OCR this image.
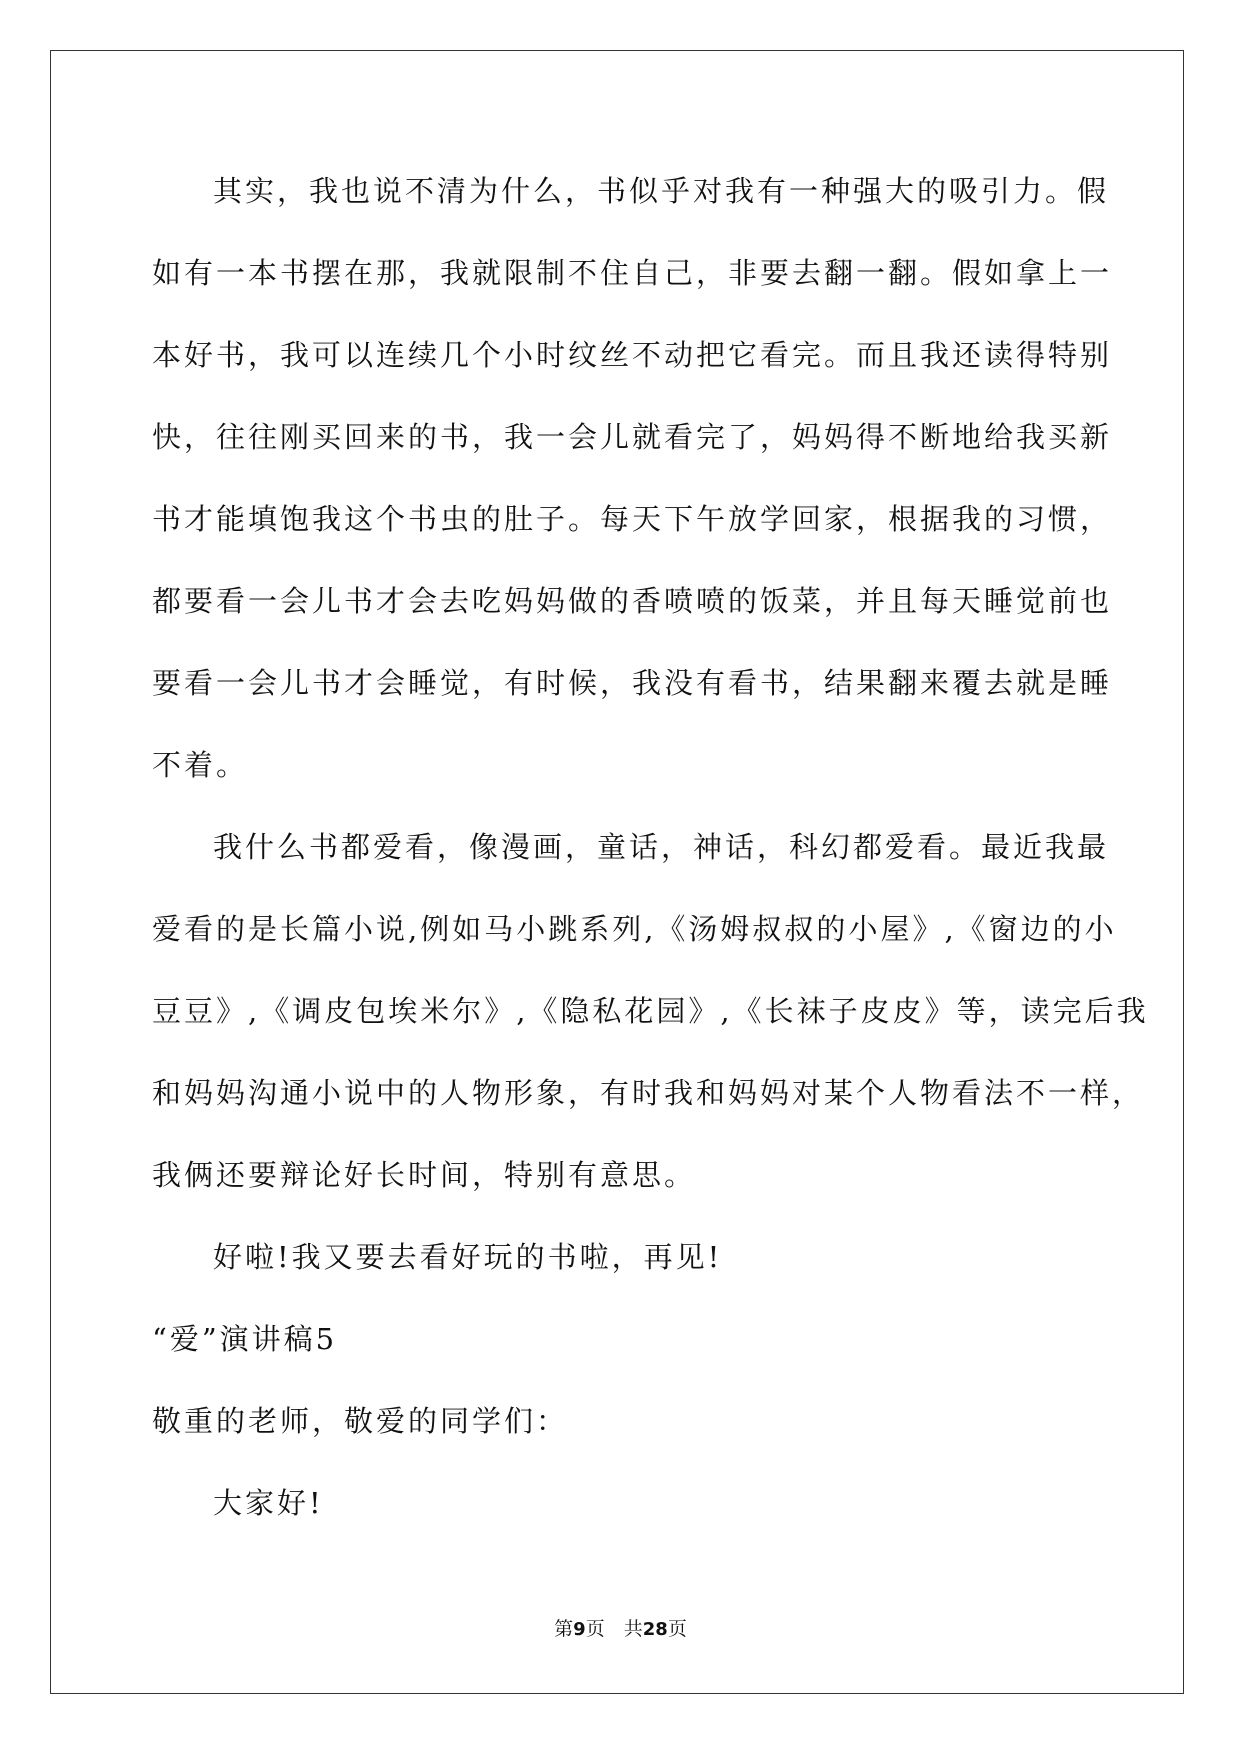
其实，我也说不清为什么，书似乎对我有一种强大的吸引力。假
如有一本书摆在那，我就限制不住自己，非要去翻一翻。假如拿上一
本好书，我可以连续几个小时纹丝不动把它看完。而且我还读得特别
快，往往刚买回来的书，我一会儿就看完了，妈妈得不断地给我买新
书才能填饱我这个书虫的肚子。每天下午放学回家，根据我的习惯，
都要看一会儿书才会去吃妈妈做的香喷喷的饭菜，并且每天睡觉前也
要看一会儿书才会睡觉，有时候，我没有看书，结果翻来覆去就是睡
不着。
我什么书都爱看，像漫画，童话，神话，科幻都爱看。最近我最
爱看的是长篇小说,例如马小跳系列,《汤姆叔叔的小屋》,《窗边的小
豆豆》,《调皮包埃米尔》,《隐私花园》,《长袜子皮皮》等，读完后我
和妈妈沟通小说中的人物形象，有时我和妈妈对某个人物看法不一样，
我俩还要辩论好长时间，特别有意思。
好啦!我又要去看好玩的书啦，再见!
“爱”演讲稿5
敬重的老师，敬爱的同学们：
大家好!
第9页　 共28页
